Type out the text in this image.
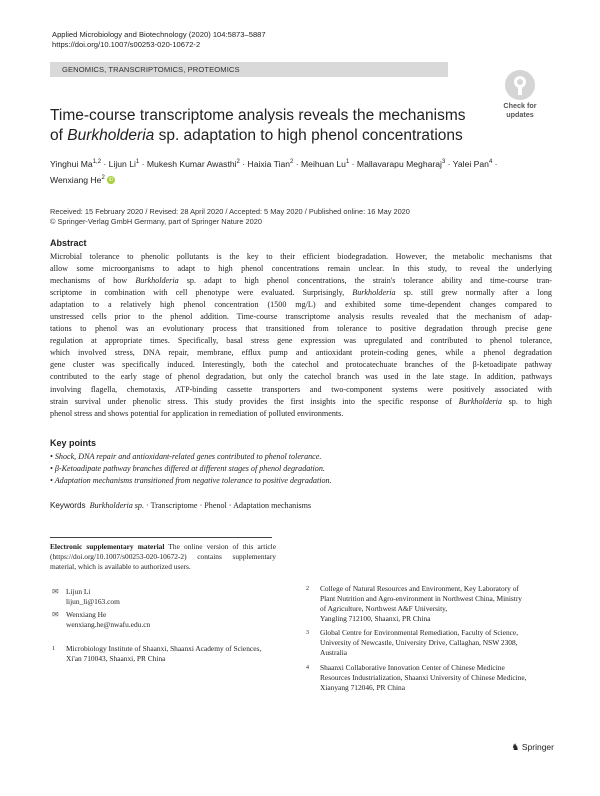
Applied Microbiology and Biotechnology (2020) 104:5873–5887
https://doi.org/10.1007/s00253-020-10672-2
GENOMICS, TRANSCRIPTOMICS, PROTEOMICS
Check for
updates
Time-course transcriptome analysis reveals the mechanisms
of Burkholderia sp. adaptation to high phenol concentrations
Yinghui Ma$^{1,2}$ · Lijun $Li^1$ · Mukesh Kumar Awasthi$^2$ · Haixia Tian$^2$ · Meihuan $Lu^1$ · Mallavarapu Megharaj$^3$ · Yalei Pan$^4$ ·
Wenxiang He$^2$ iD
Received: 15 February 2020 / Revised: 28 April 2020 / Accepted: 5 May 2020 / Published online: 16 May 2020
© Springer-Verlag GmbH Germany, part of Springer Nature 2020
Abstract
Microbial tolerance to phenolic pollutants is the key to their efficient biodegradation. However, the metabolic mechanisms that
allow some microorganisms to adapt to high phenol concentrations remain unclear. In this study, to reveal the underlying
mechanisms of how Burkholderia sp. adapt to high phenol concentrations, the strain's tolerance ability and time-course tran-
scriptome in combination with cell phenotype were evaluated. Surprisingly, Burkholderia sp. still grew normally after a long
adaptation to a relatively high phenol concentration (1500 mg/L) and exhibited some time-dependent changes compared to
unstressed cells prior to the phenol addition. Time-course transcriptome analysis results revealed that the mechanism of adap-
tations to phenol was an evolutionary process that transitioned from tolerance to positive degradation through precise gene
regulation at appropriate times. Specifically, basal stress gene expression was upregulated and contributed to phenol tolerance,
which involved stress, DNA repair, membrane, efflux pump and antioxidant protein-coding genes, while a phenol degradation
gene cluster was specifically induced. Interestingly, both the catechol and protocatechuate branches of the β-ketoadipate pathway
contributed to the early stage of phenol degradation, but only the catechol branch was used in the late stage. In addition, pathways
involving flagella, chemotaxis, ATP-binding cassette transporters and two-component systems were positively associated with
strain survival under phenolic stress. This study provides the first insights into the specific response of Burkholderia sp. to high
phenol stress and shows potential for application in remediation of polluted environments.
Key points
• Shock, DNA repair and antioxidant-related genes contributed to phenol tolerance.
• β-Ketoadipate pathway branches differed at different stages of phenol degradation.
• Adaptation mechanisms transitioned from negative tolerance to positive degradation.
Keywords Burkholderia sp. · Transcriptome · Phenol · Adaptation mechanisms
Electronic supplementary material The online version of this article (https://doi.org/10.1007/s00253-020-10672-2) contains supplementary material, which is available to authorized users.
✉ Lijun Li
lijun_li@163.com
✉ Wenxiang He
wenxiang.he@nwafu.edu.cn
1	Microbiology Institute of Shaanxi, Shaanxi Academy of Sciences,
Xi'an 710043, Shaanxi, PR China
2	College of Natural Resources and Environment, Key Laboratory of
Plant Nutrition and Agro-environment in Northwest China, Ministry
of Agriculture, Northwest A&F University,
Yangling 712100, Shaanxi, PR China
3	Global Centre for Environmental Remediation, Faculty of Science,
University of Newcastle, University Drive, Callaghan, NSW 2308,
Australia
4	Shaanxi Collaborative Innovation Center of Chinese Medicine
Resources Industrialization, Shaanxi University of Chinese Medicine,
Xianyang 712046, PR China
♞ Springer
